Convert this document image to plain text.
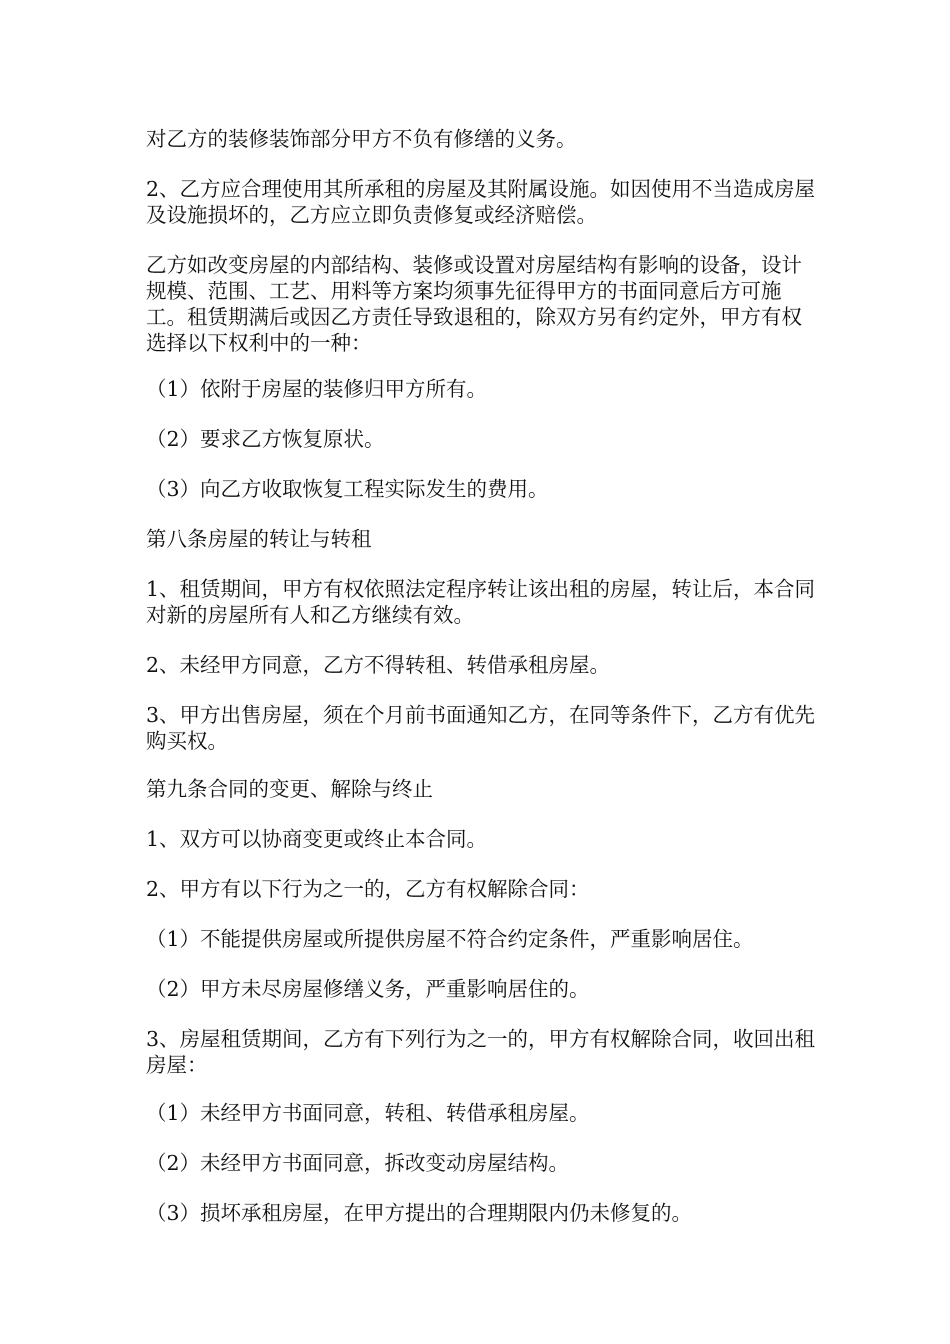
对乙方的装修装饰部分甲方不负有修缮的义务。

2、乙方应合理使用其所承租的房屋及其附属设施。如因使用不当造成房屋及设施损坏的，乙方应立即负责修复或经济赔偿。

乙方如改变房屋的内部结构、装修或设置对房屋结构有影响的设备，设计规模、范围、工艺、用料等方案均须事先征得甲方的书面同意后方可施工。租赁期满后或因乙方责任导致退租的，除双方另有约定外，甲方有权选择以下权利中的一种：

（1）依附于房屋的装修归甲方所有。

（2）要求乙方恢复原状。

（3）向乙方收取恢复工程实际发生的费用。

第八条房屋的转让与转租

1、租赁期间，甲方有权依照法定程序转让该出租的房屋，转让后，本合同对新的房屋所有人和乙方继续有效。

2、未经甲方同意，乙方不得转租、转借承租房屋。

3、甲方出售房屋，须在个月前书面通知乙方，在同等条件下，乙方有优先购买权。

第九条合同的变更、解除与终止

1、双方可以协商变更或终止本合同。

2、甲方有以下行为之一的，乙方有权解除合同：

（1）不能提供房屋或所提供房屋不符合约定条件，严重影响居住。

（2）甲方未尽房屋修缮义务，严重影响居住的。

3、房屋租赁期间，乙方有下列行为之一的，甲方有权解除合同，收回出租房屋：

（1）未经甲方书面同意，转租、转借承租房屋。

（2）未经甲方书面同意，拆改变动房屋结构。

（3）损坏承租房屋，在甲方提出的合理期限内仍未修复的。
